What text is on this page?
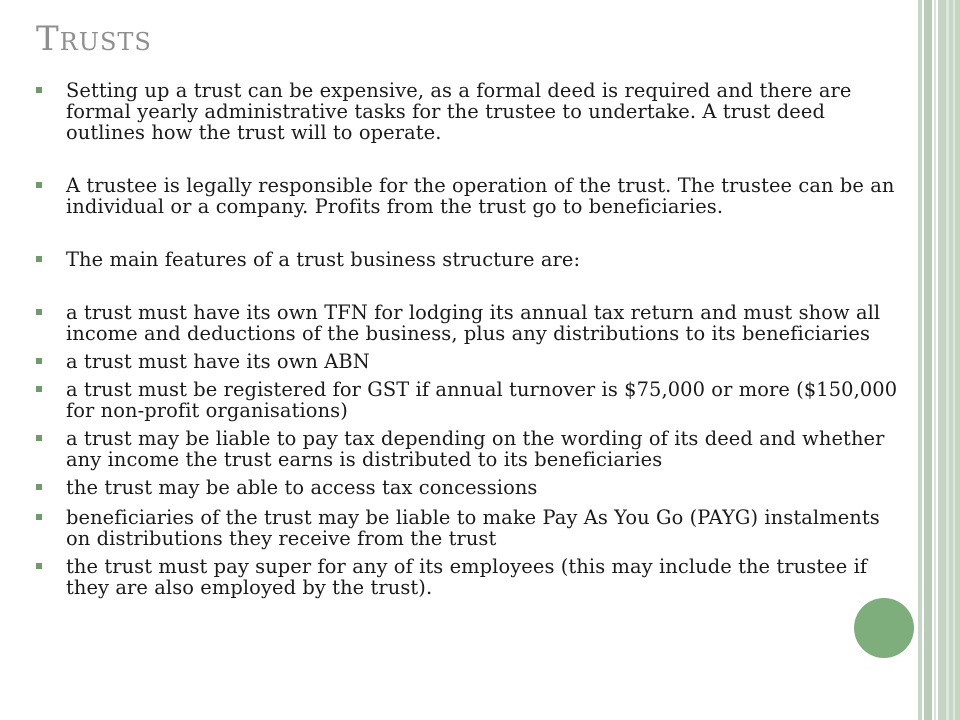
Trusts
Setting up a trust can be expensive, as a formal deed is required and there are formal yearly administrative tasks for the trustee to undertake. A trust deed outlines how the trust will to operate.
A trustee is legally responsible for the operation of the trust. The trustee can be an individual or a company. Profits from the trust go to beneficiaries.
The main features of a trust business structure are:
a trust must have its own TFN for lodging its annual tax return and must show all income and deductions of the business, plus any distributions to its beneficiaries
a trust must have its own ABN
a trust must be registered for GST if annual turnover is $75,000 or more ($150,000 for non-profit organisations)
a trust may be liable to pay tax depending on the wording of its deed and whether any income the trust earns is distributed to its beneficiaries
the trust may be able to access tax concessions
beneficiaries of the trust may be liable to make Pay As You Go (PAYG) instalments on distributions they receive from the trust
the trust must pay super for any of its employees (this may include the trustee if they are also employed by the trust).
